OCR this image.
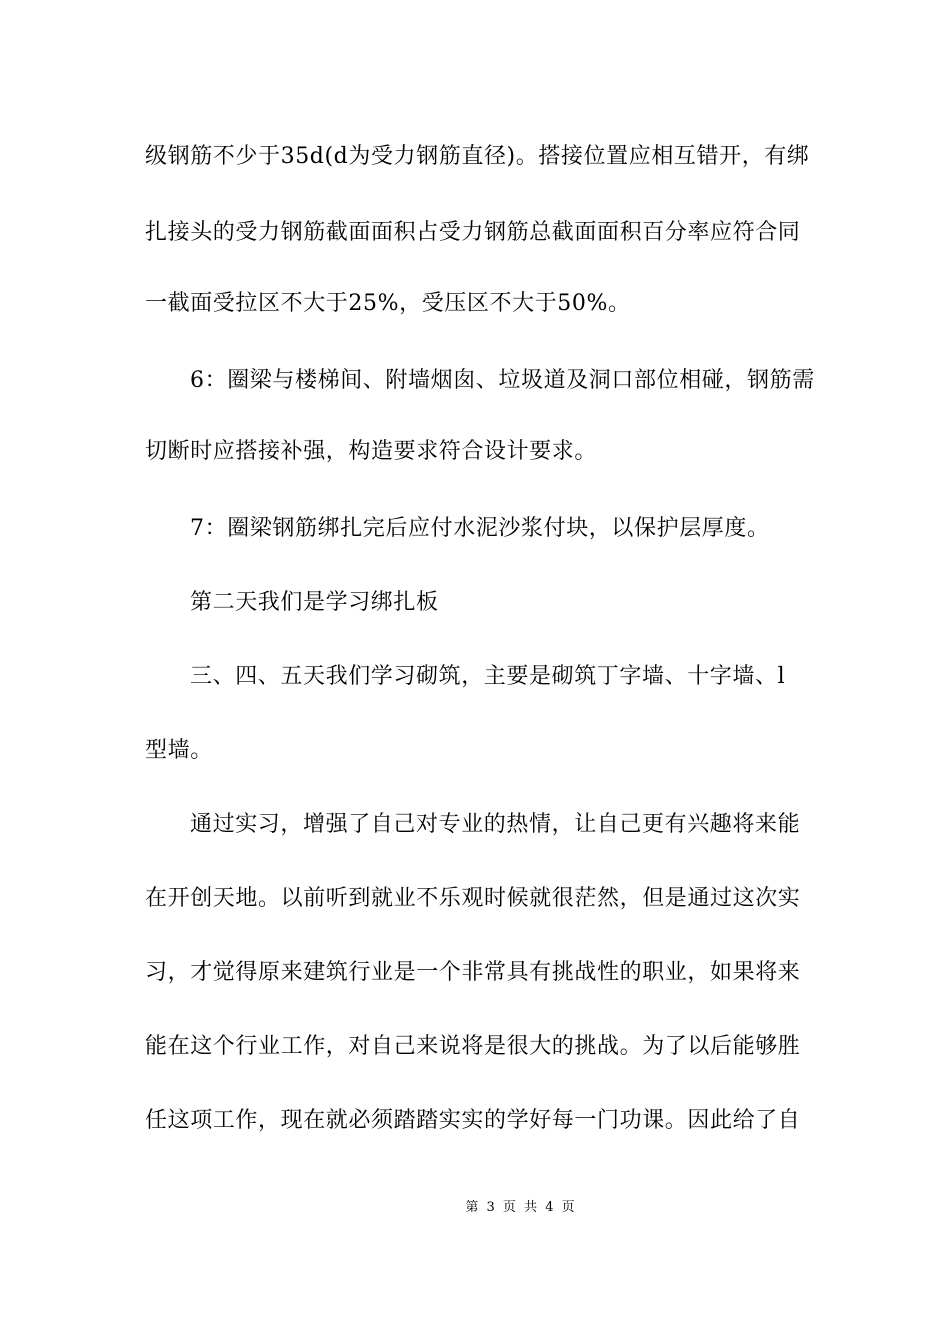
级钢筋不少于35d(d为受力钢筋直径)。搭接位置应相互错开，有绑
扎接头的受力钢筋截面面积占受力钢筋总截面面积百分率应符合同
一截面受拉区不大于25%，受压区不大于50%。
6：圈梁与楼梯间、附墙烟囱、垃圾道及洞口部位相碰，钢筋需
切断时应搭接补强，构造要求符合设计要求。
7：圈梁钢筋绑扎完后应付水泥沙浆付块，以保护层厚度。
第二天我们是学习绑扎板
三、四、五天我们学习砌筑，主要是砌筑丁字墙、十字墙、l
型墙。
通过实习，增强了自己对专业的热情，让自己更有兴趣将来能
在开创天地。以前听到就业不乐观时候就很茫然，但是通过这次实
习，才觉得原来建筑行业是一个非常具有挑战性的职业，如果将来
能在这个行业工作，对自己来说将是很大的挑战。为了以后能够胜
任这项工作，现在就必须踏踏实实的学好每一门功课。因此给了自
第 3 页 共 4 页
